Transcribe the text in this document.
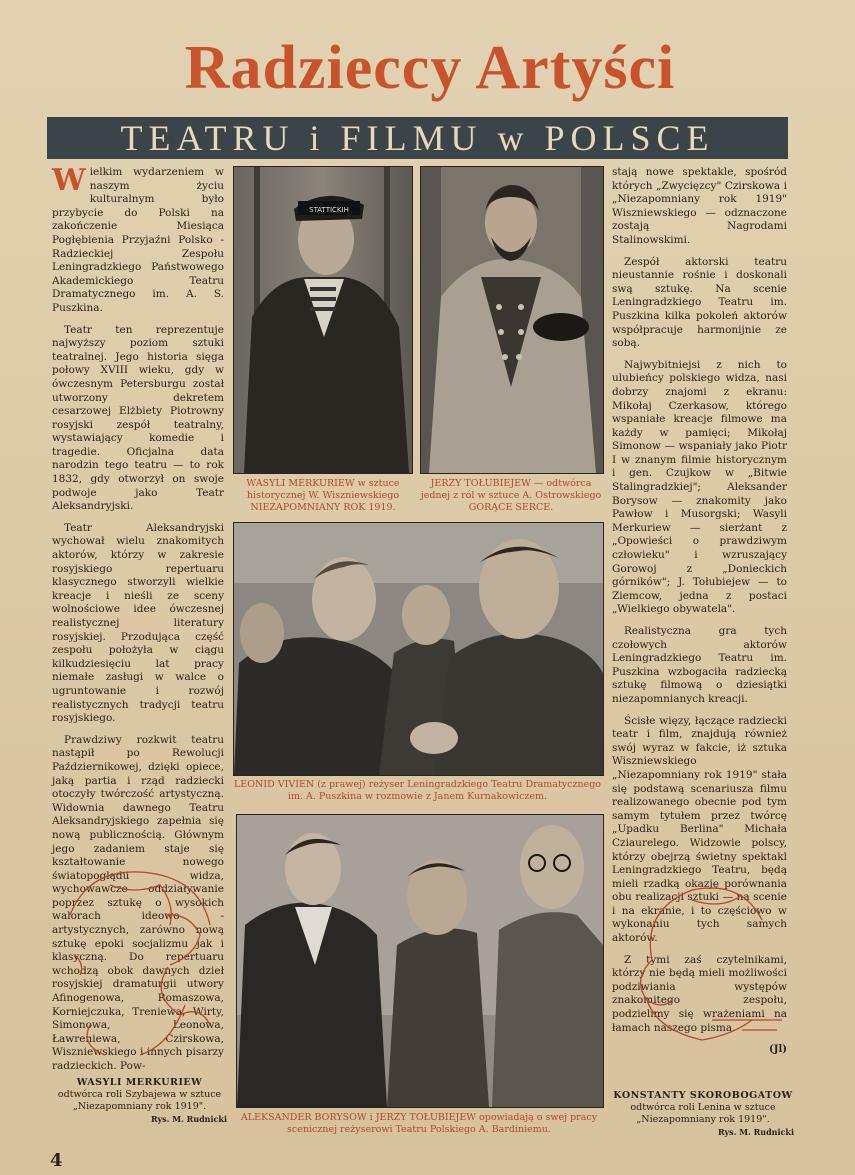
Radzieccy Artyści
TEATRU i FILMU w POLSCE

Wielkim wydarzeniem w naszym życiu kulturalnym było przybycie do Polski na zakończenie Miesiąca Pogłębienia Przyjaźni Polsko - Radzieckiej Zespołu Leningradzkiego Państwowego Akademickiego Teatru Dramatycznego im. A. S. Puszkina.

Teatr ten reprezentuje najwyższy poziom sztuki teatralnej. Jego historia sięga połowy XVIII wieku, gdy w ówczesnym Petersburgu został utworzony dekretem cesarzowej Elżbiety Piotrowny rosyjski zespół teatralny, wystawiający komedie i tragedie. Oficjalna data narodzin tego teatru — to rok 1832, gdy otworzył on swoje podwoje jako Teatr Aleksandryjski.

Teatr Aleksandryjski wychował wielu znakomitych aktorów, którzy w zakresie rosyjskiego repertuaru klasycznego stworzyli wielkie kreacje i nieśli ze sceny wolnościowe idee ówczesnej realistycznej literatury rosyjskiej. Przodująca część zespołu położyła w ciągu kilkudziesięciu lat pracy niemałe zasługi w walce o ugruntowanie i rozwój realistycznych tradycji teatru rosyjskiego.

Prawdziwy rozkwit teatru nastąpił po Rewolucji Październikowej, dzięki opiece, jaką partia i rząd radziecki otoczyły twórczość artystyczną. Widownia dawnego Teatru Aleksandryjskiego zapełnia się nową publicznością. Głównym jego zadaniem staje się kształtowanie nowego światopoglądu widza, wychowawcze oddziaływanie poprzez sztukę o wysokich walorach ideowo - artystycznych, zarówno nową sztukę epoki socjalizmu jak i klasyczną. Do repertuaru wchodzą obok dawnych dzieł rosyjskiej dramaturgii utwory Afinogenowa, Romaszowa, Korniejczuka, Treniewa, Wirty, Simonowa, Leonowa, Ławreniewa, Czirskowa, Wiszniewskiego i innych pisarzy radzieckich. Pow-

STATTICKIH
WASYLI MERKURIEW w sztuce historycznej W. Wiszniewskiego NIEZAPOMNIANY ROK 1919.
JERZY TOŁUBIEJEW — odtwórca jednej z ról w sztuce A. Ostrowskiego GORĄCE SERCE.
LEONID VIVIEN (z prawej) reżyser Leningradzkiego Teatru Dramatycznego im. A. Puszkina w rozmowie z Janem Kurnakowiczem.
ALEKSANDER BORYSOW i JERZY TOŁUBIEJEW opowiadają o swej pracy scenicznej reżyserowi Teatru Polskiego A. Bardiniemu.

stają nowe spektakle, spośród których „Zwycięzcy" Czirskowa i „Niezapomniany rok 1919" Wiszniewskiego — odznaczone zostają Nagrodami Stalinowskimi.

Zespół aktorski teatru nieustannie rośnie i doskonali swą sztukę. Na scenie Leningradzkiego Teatru im. Puszkina kilka pokoleń aktorów współpracuje harmonijnie ze sobą.

Najwybitniejsi z nich to ulubieńcy polskiego widza, nasi dobrzy znajomi z ekranu: Mikołaj Czerkasow, którego wspaniałe kreacje filmowe ma każdy w pamięci; Mikołaj Simonow — wspaniały jako Piotr I w znanym filmie historycznym i gen. Czujkow w „Bitwie Stalingradzkiej"; Aleksander Borysow — znakomity jako Pawłow i Musorgski; Wasyli Merkuriew — sierżant z „Opowieści o prawdziwym człowieku" i wzruszający Gorowoj z „Donieckich górników"; J. Tołubiejew — to Ziemcow, jedna z postaci „Wielkiego obywatela".

Realistyczna gra tych czołowych aktorów Leningradzkiego Teatru im. Puszkina wzbogaciła radziecką sztukę filmową o dziesiątki niezapomnianych kreacji.

Ścisłe więzy, łączące radziecki teatr i film, znajdują również swój wyraz w fakcie, iż sztuka Wiszniewskiego „Niezapomniany rok 1919" stała się podstawą scenariusza filmu realizowanego obecnie pod tym samym tytułem przez twórcę „Upadku Berlina" Michała Cziaurelego. Widzowie polscy, którzy obejrzą świetny spektakl Leningradzkiego Teatru, będą mieli rzadką okazję porównania obu realizacji sztuki — na scenie i na ekranie, i to częściowo w wykonaniu tych samych aktorów.

Z tymi zaś czytelnikami, którzy nie będą mieli możliwości podziwiania występów znakomitego zespołu, podzielimy się wrażeniami na łamach naszego pisma.

(Jl)
WASYLI MERKURIEW
odtwórca roli Szybajewa w sztuce „Niezapomniany rok 1919".
Rys. M. Rudnicki
KONSTANTY SKOROBOGATOW
odtwórca roli Lenina w sztuce „Niezapomniany rok 1919".
Rys. M. Rudnicki
4
